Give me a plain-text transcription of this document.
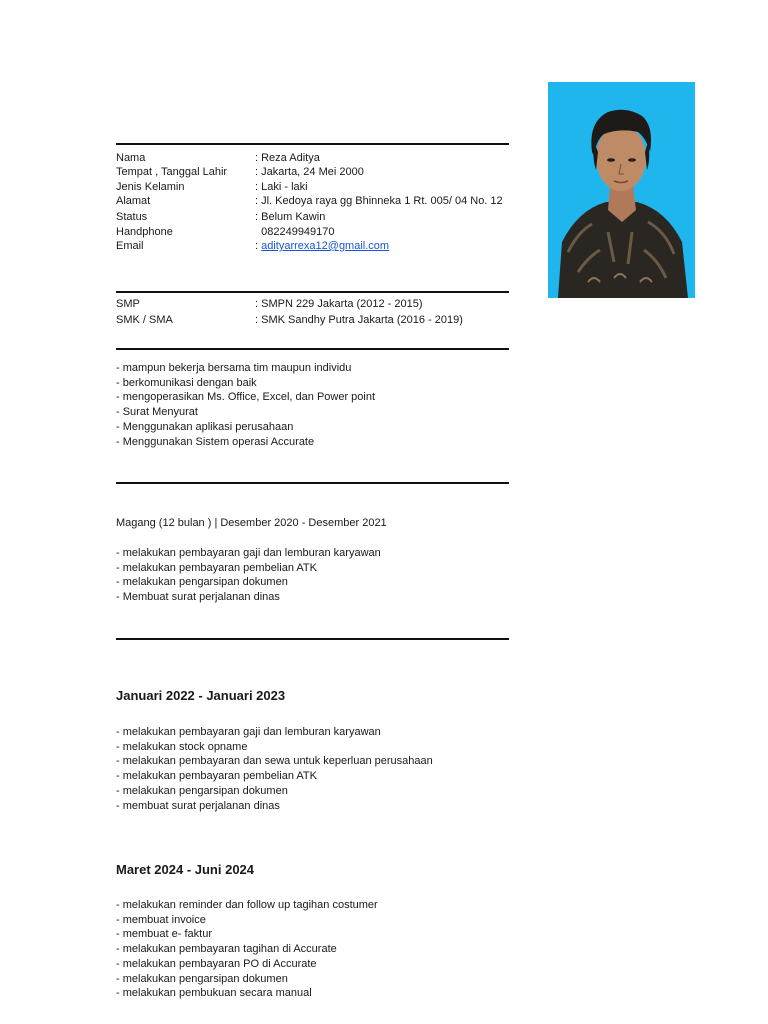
Nama	: Reza Aditya
Tempat , Tanggal Lahir	: Jakarta, 24 Mei 2000
Jenis Kelamin	: Laki - laki
Alamat	: Jl. Kedoya raya gg Bhinneka 1 Rt. 005/ 04 No. 12
Status	: Belum Kawin
Handphone	082249949170
Email	: adityarrexa12@gmail.com
SMP	: SMPN 229 Jakarta (2012 - 2015)
SMK / SMA	: SMK Sandhy Putra Jakarta (2016 - 2019)
- mampun bekerja bersama tim maupun individu
- berkomunikasi dengan baik
- mengoperasikan Ms. Office, Excel, dan Power point
- Surat Menyurat
- Menggunakan aplikasi perusahaan
- Menggunakan Sistem operasi Accurate
Magang (12 bulan ) | Desember 2020 - Desember 2021
- melakukan pembayaran gaji dan lemburan karyawan
- melakukan pembayaran pembelian ATK
- melakukan pengarsipan dokumen
- Membuat surat perjalanan dinas
Januari 2022 - Januari 2023
- melakukan pembayaran gaji dan lemburan karyawan
- melakukan stock opname
- melakukan pembayaran dan sewa untuk keperluan perusahaan
- melakukan pembayaran pembelian ATK
- melakukan pengarsipan dokumen
- membuat surat perjalanan dinas
Maret 2024 - Juni 2024
- melakukan reminder dan follow up tagihan costumer
- membuat invoice
- membuat e- faktur
- melakukan pembayaran tagihan di Accurate
- melakukan pembayaran PO di Accurate
- melakukan pengarsipan dokumen
- melakukan pembukuan secara manual
